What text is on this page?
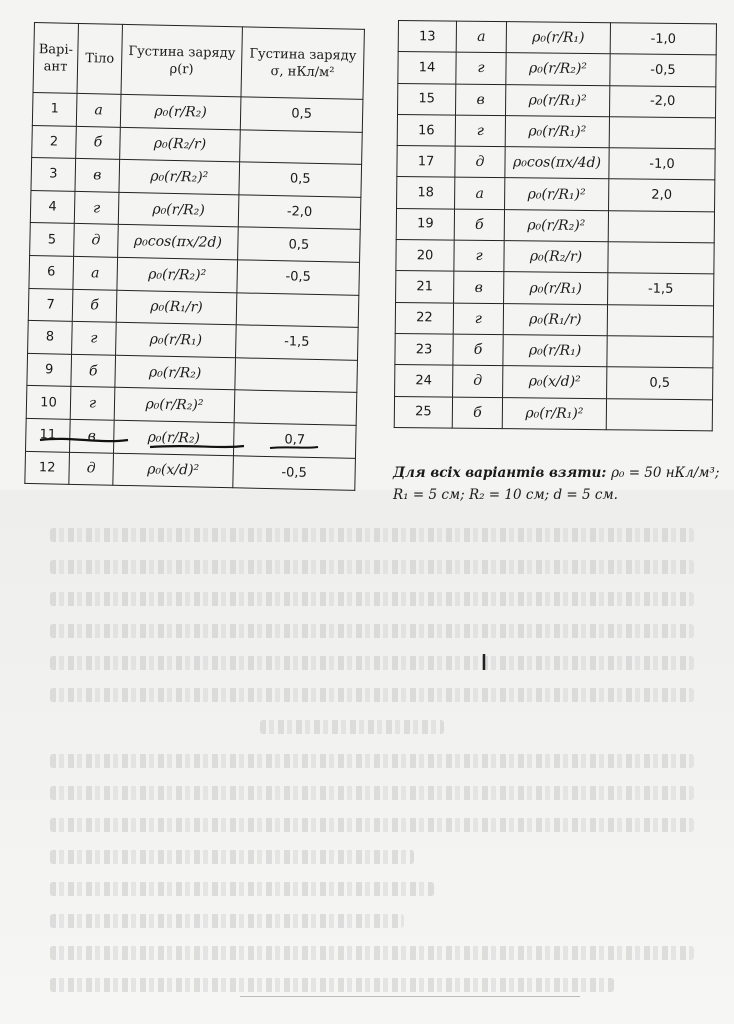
Варі-ант	Тіло	Густина заряду ρ(r)	Густина заряду σ, нКл/м²
1	а	ρ₀(r/R₂)	0,5
2	б	ρ₀(R₂/r)	
3	в	ρ₀(r/R₂)²	0,5
4	г	ρ₀(r/R₂)	-2,0
5	д	ρ₀cos(πx/2d)	0,5
6	а	ρ₀(r/R₂)²	-0,5
7	б	ρ₀(R₁/r)	
8	г	ρ₀(r/R₁)	-1,5
9	б	ρ₀(r/R₂)	
10	г	ρ₀(r/R₂)²	
11	в	ρ₀(r/R₂)	0,7
12	д	ρ₀(x/d)²	-0,5
13	а	ρ₀(r/R₁)	-1,0
14	г	ρ₀(r/R₂)²	-0,5
15	в	ρ₀(r/R₁)²	-2,0
16	г	ρ₀(r/R₁)²	
17	д	ρ₀cos(πx/4d)	-1,0
18	а	ρ₀(r/R₁)²	2,0
19	б	ρ₀(r/R₂)²	
20	г	ρ₀(R₂/r)	
21	в	ρ₀(r/R₁)	-1,5
22	г	ρ₀(R₁/r)	
23	б	ρ₀(r/R₁)	
24	д	ρ₀(x/d)²	0,5
25	б	ρ₀(r/R₁)²	
Для всіх варіантів взяти: ρ₀ = 50 нКл/м³; R₁ = 5 см; R₂ = 10 см; d = 5 см.
